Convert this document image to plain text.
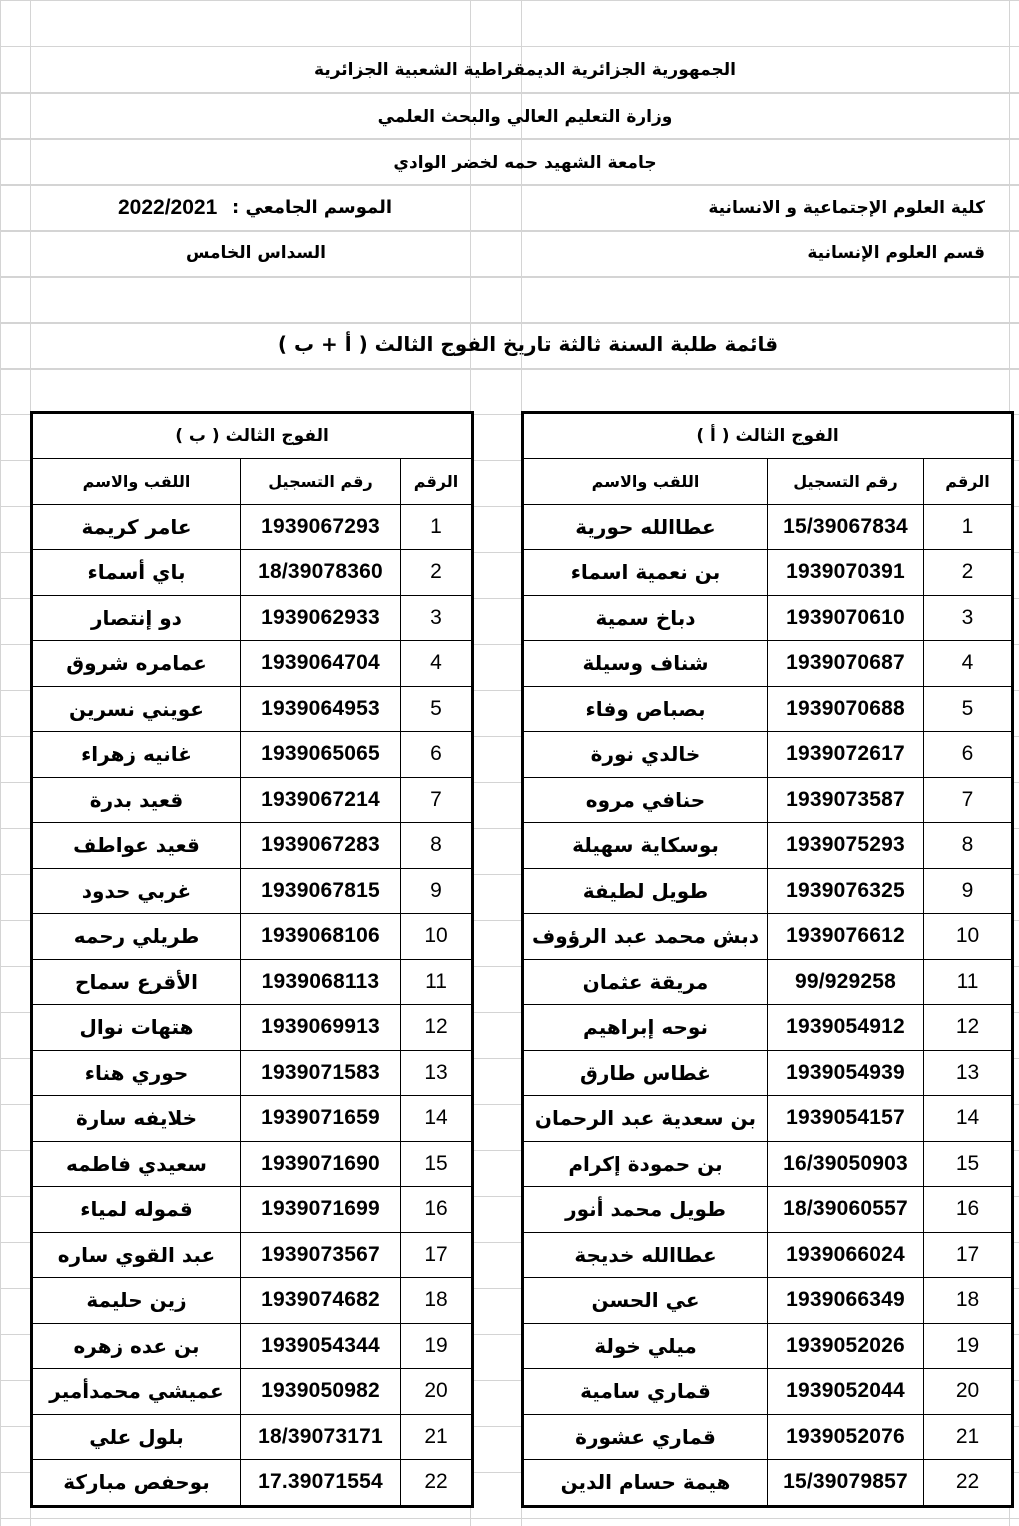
الجمهورية الجزائرية الديمقراطية الشعبية الجزائرية
وزارة التعليم العالي والبحث العلمي
جامعة الشهيد حمه لخضر الوادي
كلية العلوم الإجتماعية و الانسانية
الموسم الجامعي :
2022/2021
قسم العلوم الإنسانية
السداس الخامس
قائمة طلبة السنة ثالثة تاريخ الفوج الثالث ( أ + ب )
الفوج الثالث ( ب )		
اللقب والاسم	رقم التسجيل	الرقم
عامر كريمة	1939067293	1
باي أسماء	18/39078360	2
دو إنتصار	1939062933	3
عمامره شروق	1939064704	4
عويني نسرين	1939064953	5
غانيه زهراء	1939065065	6
قعيد بدرة	1939067214	7
قعيد عواطف	1939067283	8
غربي حدود	1939067815	9
طريلي رحمه	1939068106	10
الأقرع سماح	1939068113	11
هتهات نوال	1939069913	12
حوري هناء	1939071583	13
خلايفه سارة	1939071659	14
سعيدي فاطمه	1939071690	15
قموله لمياء	1939071699	16
عبد القوي ساره	1939073567	17
زين حليمة	1939074682	18
بن عده زهره	1939054344	19
عميشي محمدأمير	1939050982	20
بلول علي	18/39073171	21
بوحفص مباركة	17.39071554	22
الفوج الثالث ( أ )		
اللقب والاسم	رقم التسجيل	الرقم
عطاالله حورية	15/39067834	1
بن نعمية اسماء	1939070391	2
دباخ سمية	1939070610	3
شناف وسيلة	1939070687	4
بصباص وفاء	1939070688	5
خالدي نورة	1939072617	6
حنافي مروه	1939073587	7
بوسكاية سهيلة	1939075293	8
طويل لطيفة	1939076325	9
دبش محمد عبد الرؤوف	1939076612	10
مريقة عثمان	99/929258	11
نوحه إبراهيم	1939054912	12
غطاس طارق	1939054939	13
بن سعدية عبد الرحمان	1939054157	14
بن حمودة إكرام	16/39050903	15
طويل محمد أنور	18/39060557	16
عطاالله خديجة	1939066024	17
عي الحسن	1939066349	18
ميلي خولة	1939052026	19
قماري سامية	1939052044	20
قماري عشورة	1939052076	21
هيمة حسام الدين	15/39079857	22
